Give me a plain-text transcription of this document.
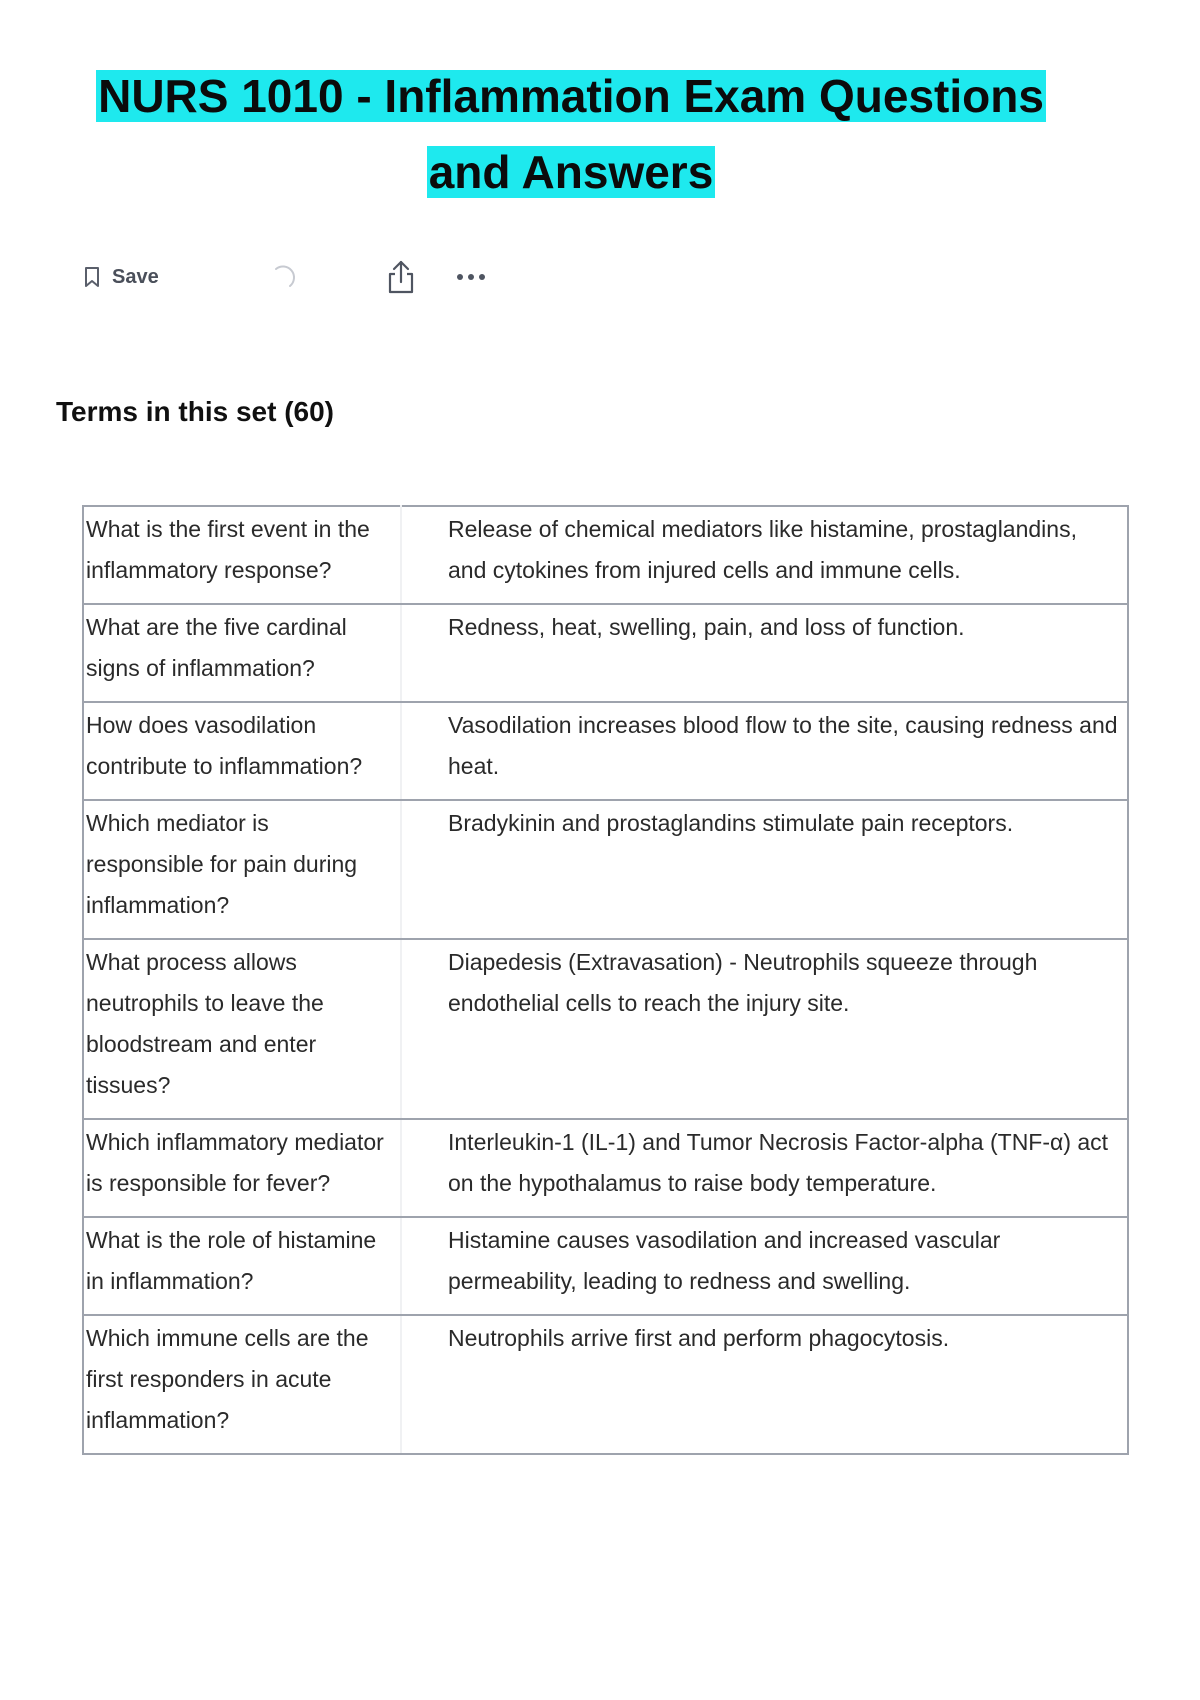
NURS 1010 - Inflammation Exam Questions and Answers
Save
Terms in this set (60)
What is the first event in the inflammatory response?	Release of chemical mediators like histamine, prostaglandins, and cytokines from injured cells and immune cells.
What are the five cardinal signs of inflammation?	Redness, heat, swelling, pain, and loss of function.
How does vasodilation contribute to inflammation?	Vasodilation increases blood flow to the site, causing redness and heat.
Which mediator is responsible for pain during inflammation?	Bradykinin and prostaglandins stimulate pain receptors.
What process allows neutrophils to leave the bloodstream and enter tissues?	Diapedesis (Extravasation) - Neutrophils squeeze through endothelial cells to reach the injury site.
Which inflammatory mediator is responsible for fever?	Interleukin-1 (IL-1) and Tumor Necrosis Factor-alpha (TNF-α) act on the hypothalamus to raise body temperature.
What is the role of histamine in inflammation?	Histamine causes vasodilation and increased vascular permeability, leading to redness and swelling.
Which immune cells are the first responders in acute inflammation?	Neutrophils arrive first and perform phagocytosis.
